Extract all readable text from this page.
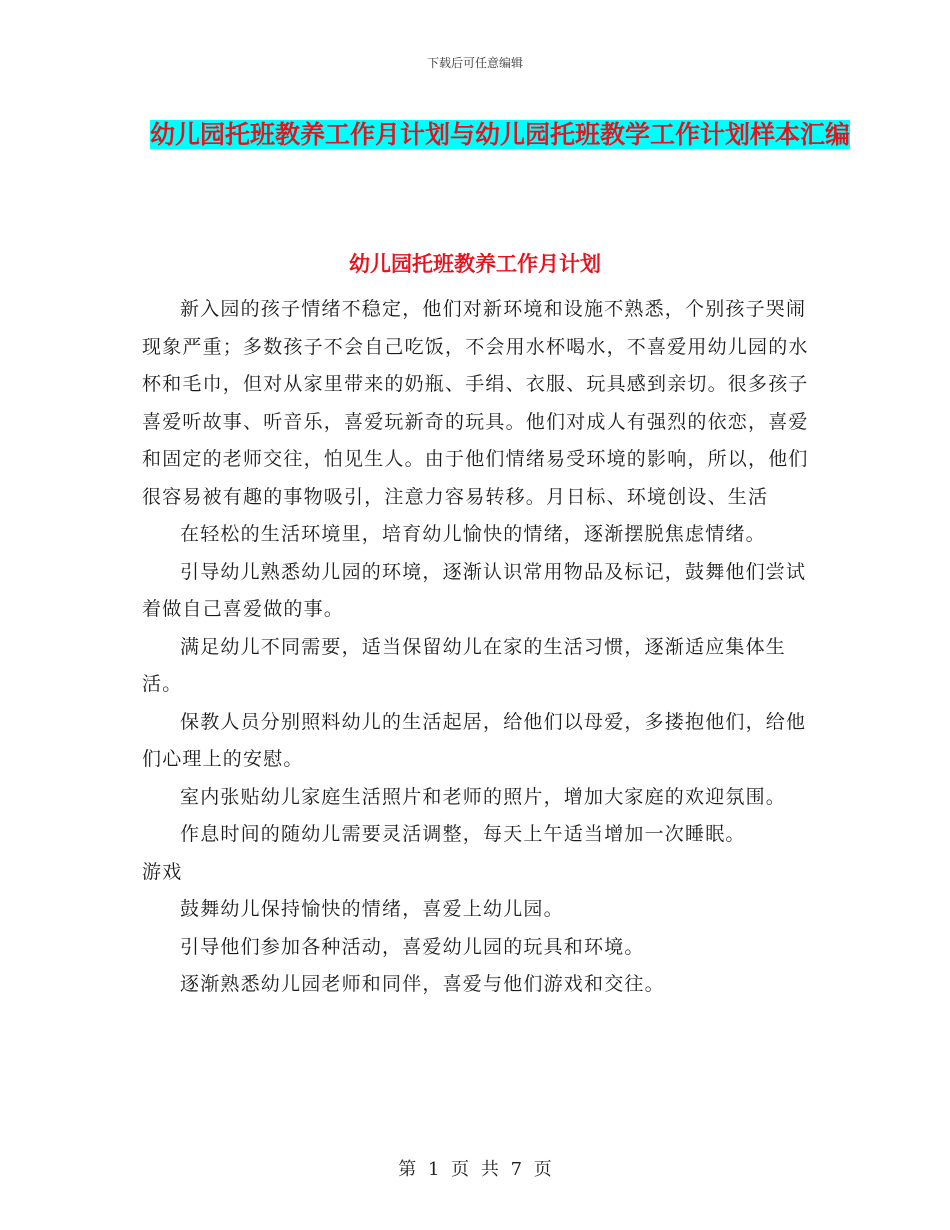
下载后可任意编辑
幼儿园托班教养工作月计划与幼儿园托班教学工作计划样本汇编
幼儿园托班教养工作月计划

新入园的孩子情绪不稳定，他们对新环境和设施不熟悉，个别孩子哭闹现象严重；多数孩子不会自己吃饭，不会用水杯喝水，不喜爱用幼儿园的水杯和毛巾，但对从家里带来的奶瓶、手绢、衣服、玩具感到亲切。很多孩子喜爱听故事、听音乐，喜爱玩新奇的玩具。他们对成人有强烈的依恋，喜爱和固定的老师交往，怕见生人。由于他们情绪易受环境的影响，所以，他们很容易被有趣的事物吸引，注意力容易转移。月日标、环境创设、生活

在轻松的生活环境里，培育幼儿愉快的情绪，逐渐摆脱焦虑情绪。

引导幼儿熟悉幼儿园的环境，逐渐认识常用物品及标记，鼓舞他们尝试着做自己喜爱做的事。

满足幼儿不同需要，适当保留幼儿在家的生活习惯，逐渐适应集体生活。

保教人员分别照料幼儿的生活起居，给他们以母爱，多搂抱他们，给他们心理上的安慰。

室内张贴幼儿家庭生活照片和老师的照片，增加大家庭的欢迎氛围。

作息时间的随幼儿需要灵活调整，每天上午适当增加一次睡眠。

游戏

鼓舞幼儿保持愉快的情绪，喜爱上幼儿园。

引导他们参加各种活动，喜爱幼儿园的玩具和环境。

逐渐熟悉幼儿园老师和同伴，喜爱与他们游戏和交往。

第 1 页 共 7 页
